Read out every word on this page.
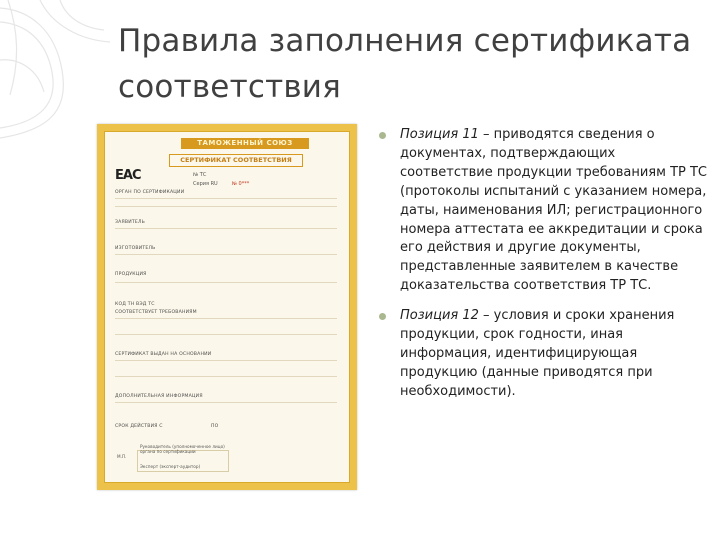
Правила заполнения сертификата
соответствия
ТАМОЖЕННЫЙ СОЮЗ
СЕРТИФИКАТ СООТВЕТСТВИЯ
ЕАС	№ ТС
Серия RU	№ 0***
ОРГАН ПО СЕРТИФИКАЦИИ
ЗАЯВИТЕЛЬ
ИЗГОТОВИТЕЛЬ
ПРОДУКЦИЯ
КОД ТН ВЭД ТС
СООТВЕТСТВУЕТ ТРЕБОВАНИЯМ
СЕРТИФИКАТ ВЫДАН НА ОСНОВАНИИ
ДОПОЛНИТЕЛЬНАЯ ИНФОРМАЦИЯ
СРОК ДЕЙСТВИЯ С	ПО
М.П.
Руководитель (уполномоченное лицо) органа по сертификации
Эксперт (эксперт-аудитор)
Позиция 11 – приводятся сведения о документах, подтверждающих соответствие продукции требованиям ТР ТС (протоколы испытаний с указанием номера, даты, наименования ИЛ; регистрационного номера аттестата ее аккредитации и срока его действия и другие документы, представленные заявителем в качестве доказательства соответствия ТР ТС.
Позиция 12 – условия и сроки хранения продукции, срок годности, иная информация, идентифицирующая продукцию (данные приводятся при необходимости).
